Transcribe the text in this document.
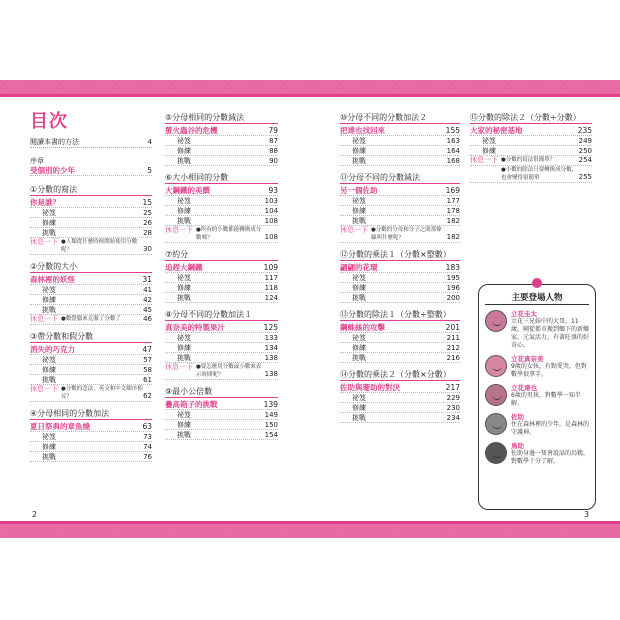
目次
閱讀本書的方法	4
序章
受個別的少年	5
①分數的寫法
你是誰？	15
祕笈	25
修練	26
挑戰	28
休息一下 ●人類從什麼時候開始使用分數呢？	30
②分數的大小
森林裡的妖怪	31
祕笈	41
修練	42
挑戰	45
休息一下 ●數覺腦來克服了分數了	46
③帶分數和假分數
消失的巧克力	47
祕笈	57
修練	58
挑戰	61
休息一下 ●分數的念法，英文和中文順序相反？	62
④分母相同的分數加法
夏日祭典的章魚燒	63
祕笈	73
修練	74
挑戰	76
⑤分母相同的分數減法
螢火蟲谷的危機	79
祕笈	87
修練	88
挑戰	90
⑥大小相同的分數
大鋼鐵的美饌	93
祕笈	103
修練	104
挑戰	108
休息一下 ●所有的小數都能轉換成分數嗎？	108
⑦約分
追趕大鋼鐵	109
祕笈	117
修練	118
挑戰	124
⑧分母不同的分數加法１
真奈美的特製果汁	125
祕笈	133
修練	134
挑戰	138
休息一下 ●要怎麼用分數或小數來表示時間呢？	138
⑨最小公倍數
疊高箱子的挑戰	139
祕笈	149
修練	150
挑戰	154
⑩分母不同的分數加法２
把達也找回來	155
祕笈	163
修練	164
挑戰	168
⑪分母不同的分數減法
另一個佐助	169
祕笈	177
修練	178
挑戰	182
休息一下 ●分數的分母和分子之間那條線叫什麼呢？	182
⑫分數的乘法１（分數×整數）
翩翩的花環	183
祕笈	195
修練	196
挑戰	200
⑬分數的除法１（分數÷整數）
鋼蛛絲的攻擊	201
祕笈	211
修練	212
挑戰	216
⑭分數的乘法２（分數×分數）
佐助與珊助的對決	217
祕笈	229
修練	230
挑戰	234
⑮分數的除法２（分數÷分數）
大家的秘密基地	235
祕笈	249
修練	250
休息一下 ●分數的寫法很簡單？	254

●小數的除法只要轉換成分數，也會變得很簡單	255
主要登場人物
立花圭太
立花三兄妹中的大哥，11歲。剛從都市搬到鄉下的新鄉家，元氣活力，有著旺盛的好奇心。
立花真奈美
9歲的女孩，有點愛哭，但對數學很拿手。
立花達也
6歲的男孩，對數學一知半解。
佐助
住在森林裡的少年，是森林的守護神。
鳥助
佐助身邊一隻會說話的烏鴉，對數學十分了解。
2	3
